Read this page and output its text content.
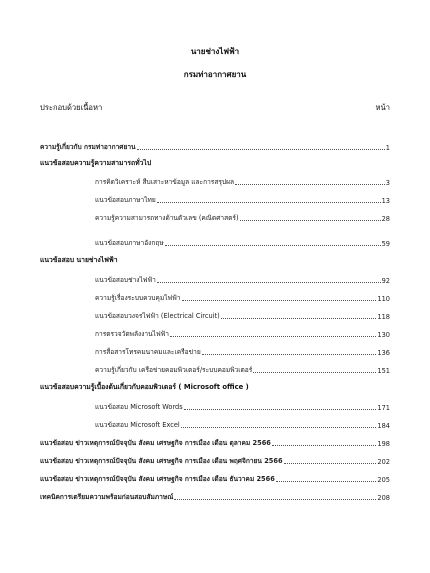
นายช่างไฟฟ้า
กรมท่าอากาศยาน
ประกอบด้วยเนื้อหา	หน้า
ความรู้เกี่ยวกับ กรมท่าอากาศยาน	1
แนวข้อสอบความรู้ความสามารถทั่วไป
การคิดวิเคราะห์ สืบเสาะหาข้อมูล และการสรุปผล	3
แนวข้อสอบภาษาไทย	13
ความรู้ความสามารถทางด้านตัวเลข (คณิตศาสตร์)	28
แนวข้อสอบภาษาอังกฤษ	59
แนวข้อสอบ นายช่างไฟฟ้า
แนวข้อสอบช่างไฟฟ้า	92
ความรู้เรื่องระบบควบคุมไฟฟ้า	110
แนวข้อสอบวงจรไฟฟ้า (Electrical Circuit)	118
การตรวจวัดพลังงานไฟฟ้า	130
การสื่อสารโทรคมนาคมและเครือข่าย	136
ความรู้เกี่ยวกับ เครือข่ายคอมพิวเตอร์/ระบบคอมพิวเตอร์	151
แนวข้อสอบความรู้เบื้องต้นเกี่ยวกับคอมพิวเตอร์ ( Microsoft office )
แนวข้อสอบ Microsoft Words	171
แนวข้อสอบ Microsoft Excel	184
แนวข้อสอบ ข่าวเหตุการณ์ปัจจุบัน สังคม เศรษฐกิจ การเมือง เดือน ตุลาคม 2566	198
แนวข้อสอบ ข่าวเหตุการณ์ปัจจุบัน สังคม เศรษฐกิจ การเมือง เดือน พฤศจิกายน 2566	202
แนวข้อสอบ ข่าวเหตุการณ์ปัจจุบัน สังคม เศรษฐกิจ การเมือง เดือน ธันวาคม 2566	205
เทคนิคการเตรียมความพร้อมก่อนสอบสัมภาษณ์	208
